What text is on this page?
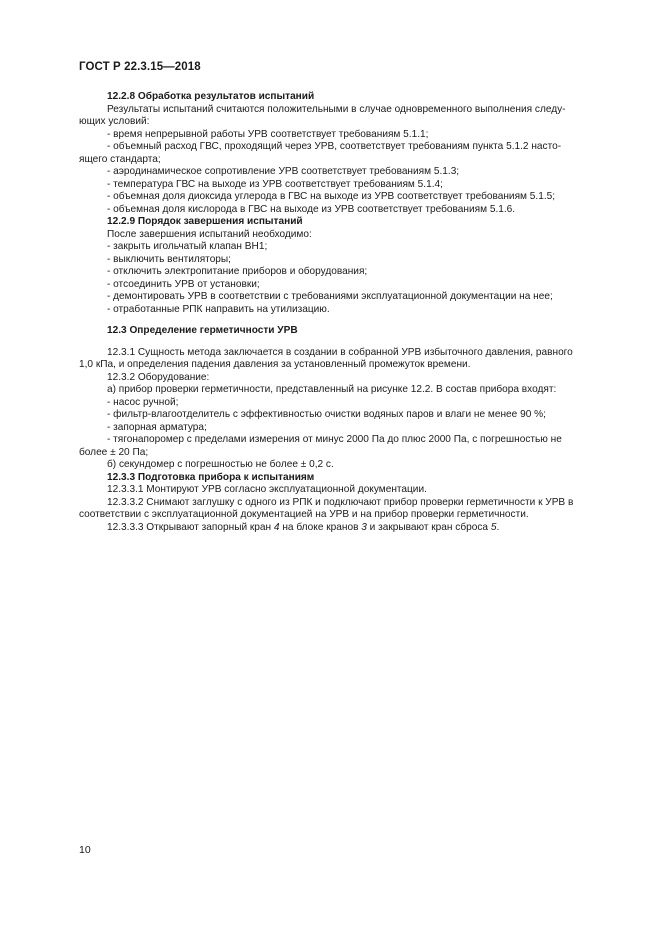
ГОСТ Р 22.3.15—2018

12.2.8 Обработка результатов испытаний

Результаты испытаний считаются положительными в случае одновременного выполнения следу-

ющих условий:

- время непрерывной работы УРВ соответствует требованиям 5.1.1;

- объемный расход ГВС, проходящий через УРВ, соответствует требованиям пункта 5.1.2 насто-

ящего стандарта;

- аэродинамическое сопротивление УРВ соответствует требованиям 5.1.3;

- температура ГВС на выходе из УРВ соответствует требованиям 5.1.4;

- объемная доля диоксида углерода в ГВС на выходе из УРВ соответствует требованиям 5.1.5;

- объемная доля кислорода в ГВС на выходе из УРВ соответствует требованиям 5.1.6.

12.2.9 Порядок завершения испытаний

После завершения испытаний необходимо:

- закрыть игольчатый клапан ВН1;

- выключить вентиляторы;

- отключить электропитание приборов и оборудования;

- отсоединить УРВ от установки;

- демонтировать УРВ в соответствии с требованиями эксплуатационной документации на нее;

- отработанные РПК направить на утилизацию.

12.3 Определение герметичности УРВ

12.3.1 Сущность метода заключается в создании в собранной УРВ избыточного давления, равного

1,0 кПа, и определения падения давления за установленный промежуток времени.

12.3.2 Оборудование:

а) прибор проверки герметичности, представленный на рисунке 12.2. В состав прибора входят:

- насос ручной;

- фильтр-влагоотделитель с эффективностью очистки водяных паров и влаги не менее 90 %;

- запорная арматура;

- тягонапоромер с пределами измерения от минус 2000 Па до плюс 2000 Па, с погрешностью не

более ± 20 Па;

б) секундомер с погрешностью не более ± 0,2 с.

12.3.3 Подготовка прибора к испытаниям

12.3.3.1 Монтируют УРВ согласно эксплуатационной документации.

12.3.3.2 Снимают заглушку с одного из РПК и подключают прибор проверки герметичности к УРВ в

соответствии с эксплуатационной документацией на УРВ и на прибор проверки герметичности.

12.3.3.3 Открывают запорный кран 4 на блоке кранов 3 и закрывают кран сброса 5.

10
